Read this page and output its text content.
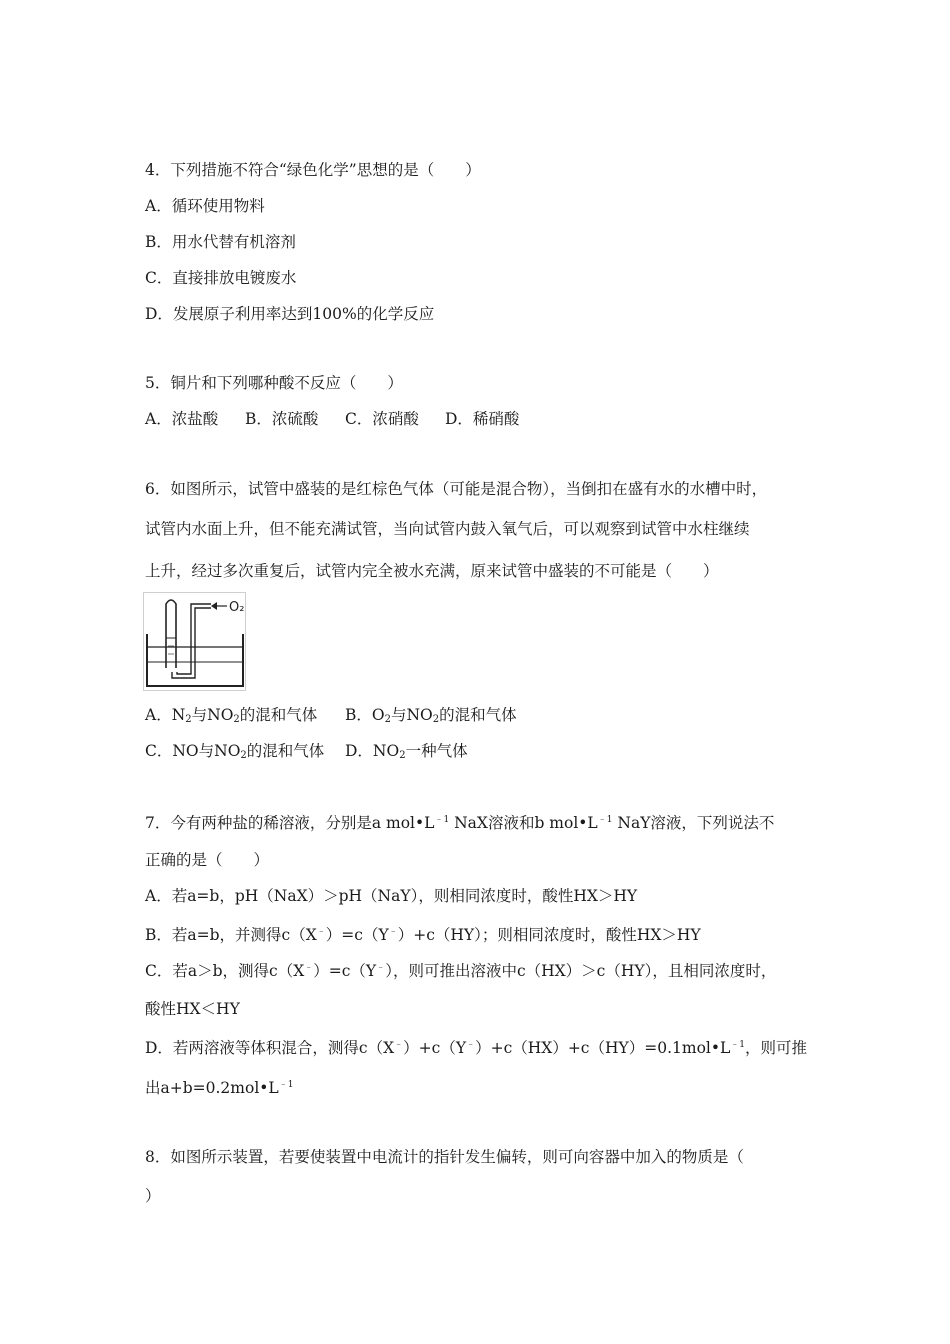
4．下列措施不符合“绿色化学”思想的是（　　）
A．循环使用物料
B．用水代替有机溶剂
C．直接排放电镀废水
D．发展原子利用率达到100%的化学反应
5．铜片和下列哪种酸不反应（　　）
A．浓盐酸 B．浓硫酸 C．浓硝酸 D．稀硝酸
6．如图所示，试管中盛装的是红棕色气体（可能是混合物），当倒扣在盛有水的水槽中时，
试管内水面上升，但不能充满试管，当向试管内鼓入氧气后，可以观察到试管中水柱继续
上升，经过多次重复后，试管内完全被水充满，原来试管中盛装的不可能是（　　）
O₂
A．$N_2$与$NO_2$的混和气体 B．$O_2$与$NO_2$的混和气体
C．NO与$NO_2$的混和气体 D．$NO_2$一种气体
7．今有两种盐的稀溶液，分别是a $mol•L^{﹣1}$ NaX溶液和b $mol•L^{﹣1}$ NaY溶液，下列说法不
正确的是（　　）
A．若a=b，pH（NaX）＞pH（NaY），则相同浓度时，酸性HX＞HY
B．若a=b，并测得c（X﹣）=c（Y﹣）+c（HY）；则相同浓度时，酸性HX＞HY
C．若a＞b，测得c（X﹣）=c（Y﹣），则可推出溶液中c（HX）＞c（HY），且相同浓度时，
酸性HX＜HY
D．若两溶液等体积混合，测得$c(X^﹣)+c(Y^﹣)+c(HX)+c(HY)=0.1mol•L^{﹣1}$，则可推
出$a+b=0.2mol•L^{﹣1}$
8．如图所示装置，若要使装置中电流计的指针发生偏转，则可向容器中加入的物质是（
）
